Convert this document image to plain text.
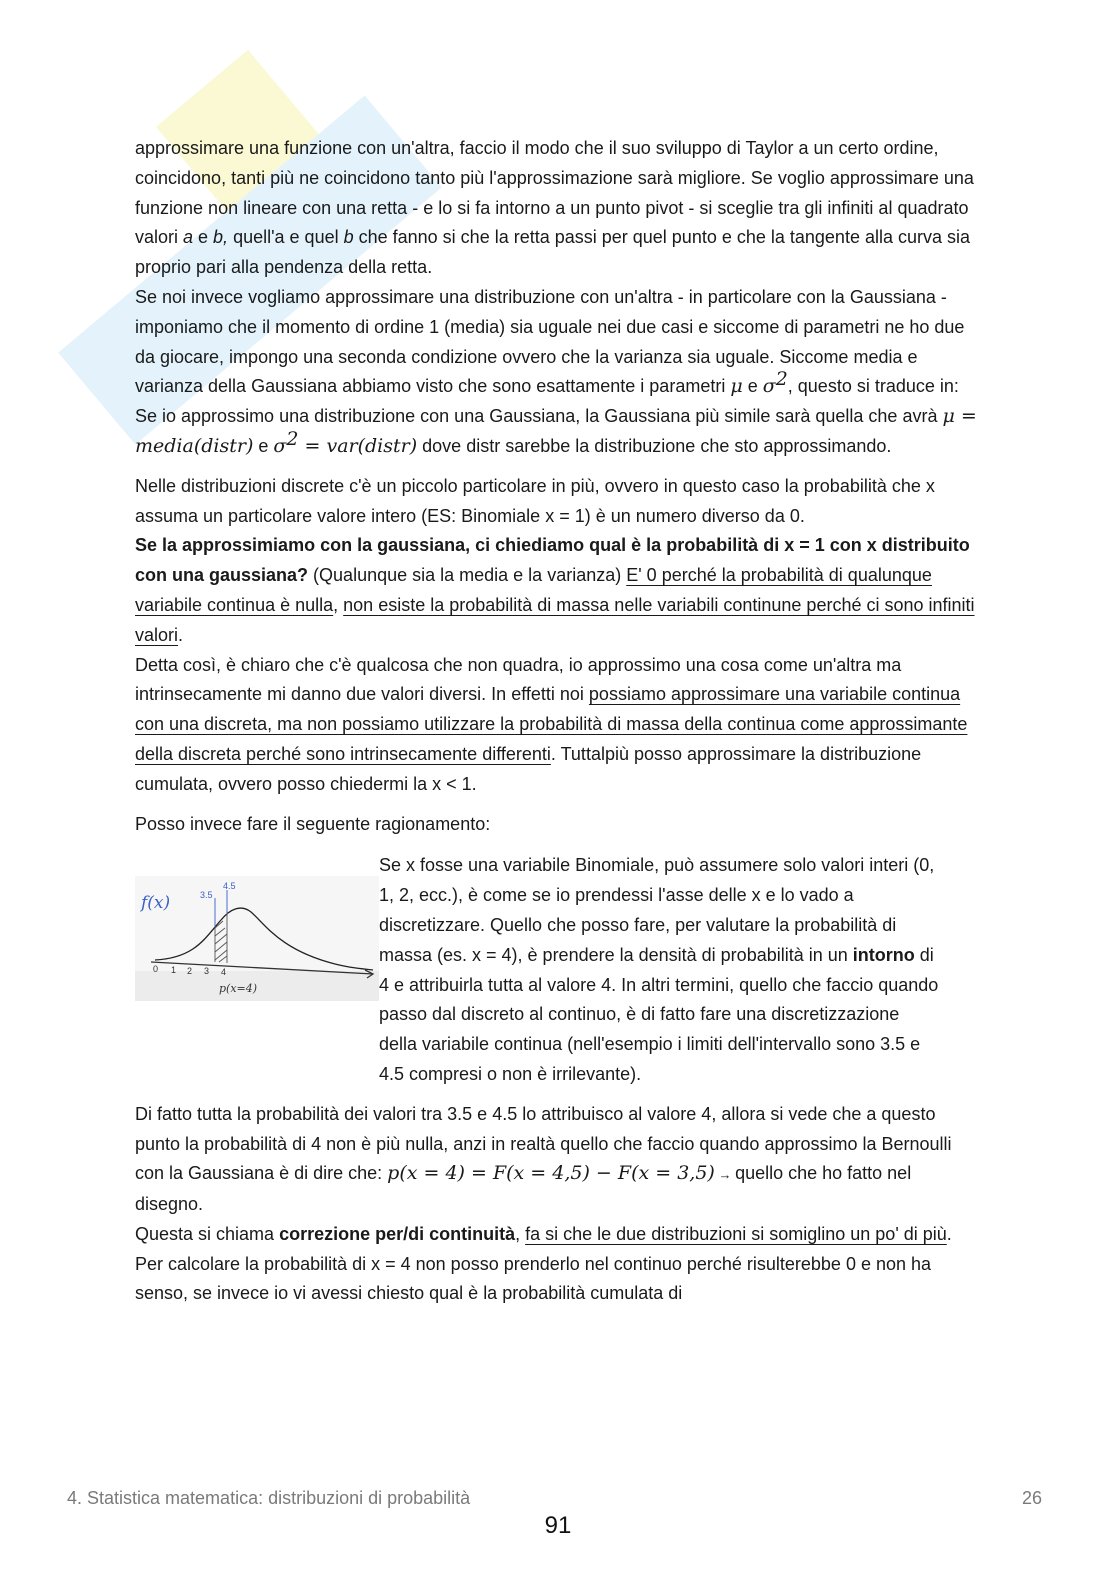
approssimare una funzione con un'altra, faccio il modo che il suo sviluppo di Taylor a un certo ordine, coincidono, tanti più ne coincidono tanto più l'approssimazione sarà migliore. Se voglio approssimare una funzione non lineare con una retta - e lo si fa intorno a un punto pivot - si sceglie tra gli infiniti al quadrato valori a e b, quell'a e quel b che fanno si che la retta passi per quel punto e che la tangente alla curva sia proprio pari alla pendenza della retta.

Se noi invece vogliamo approssimare una distribuzione con un'altra - in particolare con la Gaussiana - imponiamo che il momento di ordine 1 (media) sia uguale nei due casi e siccome di parametri ne ho due da giocare, impongo una seconda condizione ovvero che la varianza sia uguale. Siccome media e varianza della Gaussiana abbiamo visto che sono esattamente i parametri μ e $\sigma^2$, questo si traduce in:

Se io approssimo una distribuzione con una Gaussiana, la Gaussiana più simile sarà quella che avrà μ = media(distr) e $\sigma^2$ = var(distr) dove distr sarebbe la distribuzione che sto approssimando.

Nelle distribuzioni discrete c'è un piccolo particolare in più, ovvero in questo caso la probabilità che x assuma un particolare valore intero (ES: Binomiale x = 1) è un numero diverso da 0.

Se la approssimiamo con la gaussiana, ci chiediamo qual è la probabilità di x = 1 con x distribuito con una gaussiana? (Qualunque sia la media e la varianza) E' 0 perché la probabilità di qualunque variabile continua è nulla, non esiste la probabilità di massa nelle variabili continune perché ci sono infiniti valori.

Detta così, è chiaro che c'è qualcosa che non quadra, io approssimo una cosa come un'altra ma intrinsecamente mi danno due valori diversi. In effetti noi possiamo approssimare una variabile continua con una discreta, ma non possiamo utilizzare la probabilità di massa della continua come approssimante della discreta perché sono intrinsecamente differenti. Tuttalpiù posso approssimare la distribuzione cumulata, ovvero posso chiedermi la x < 1.

Posso invece fare il seguente ragionamento:

f(x)	3.5
4.5
0 1 2 3 4
p(x=4)

Se x fosse una variabile Binomiale, può assumere solo valori interi (0, 1, 2, ecc.), è come se io prendessi l'asse delle x e lo vado a discretizzare. Quello che posso fare, per valutare la probabilità di massa (es. x = 4), è prendere la densità di probabilità in un intorno di 4 e attribuirla tutta al valore 4. In altri termini, quello che faccio quando passo dal discreto al continuo, è di fatto fare una discretizzazione della variabile continua (nell'esempio i limiti dell'intervallo sono 3.5 e 4.5 compresi o non è irrilevante).

Di fatto tutta la probabilità dei valori tra 3.5 e 4.5 lo attribuisco al valore 4, allora si vede che a questo punto la probabilità di 4 non è più nulla, anzi in realtà quello che faccio quando approssimo la Bernoulli con la Gaussiana è di dire che: p(x = 4) = F(x = 4,5) − F(x = 3,5) → quello che ho fatto nel disegno.

Questa si chiama correzione per/di continuità, fa si che le due distribuzioni si somiglino un po' di più. Per calcolare la probabilità di x = 4 non posso prenderlo nel continuo perché risulterebbe 0 e non ha senso, se invece io vi avessi chiesto qual è la probabilità cumulata di

4. Statistica matematica: distribuzioni di probabilità	26
91
